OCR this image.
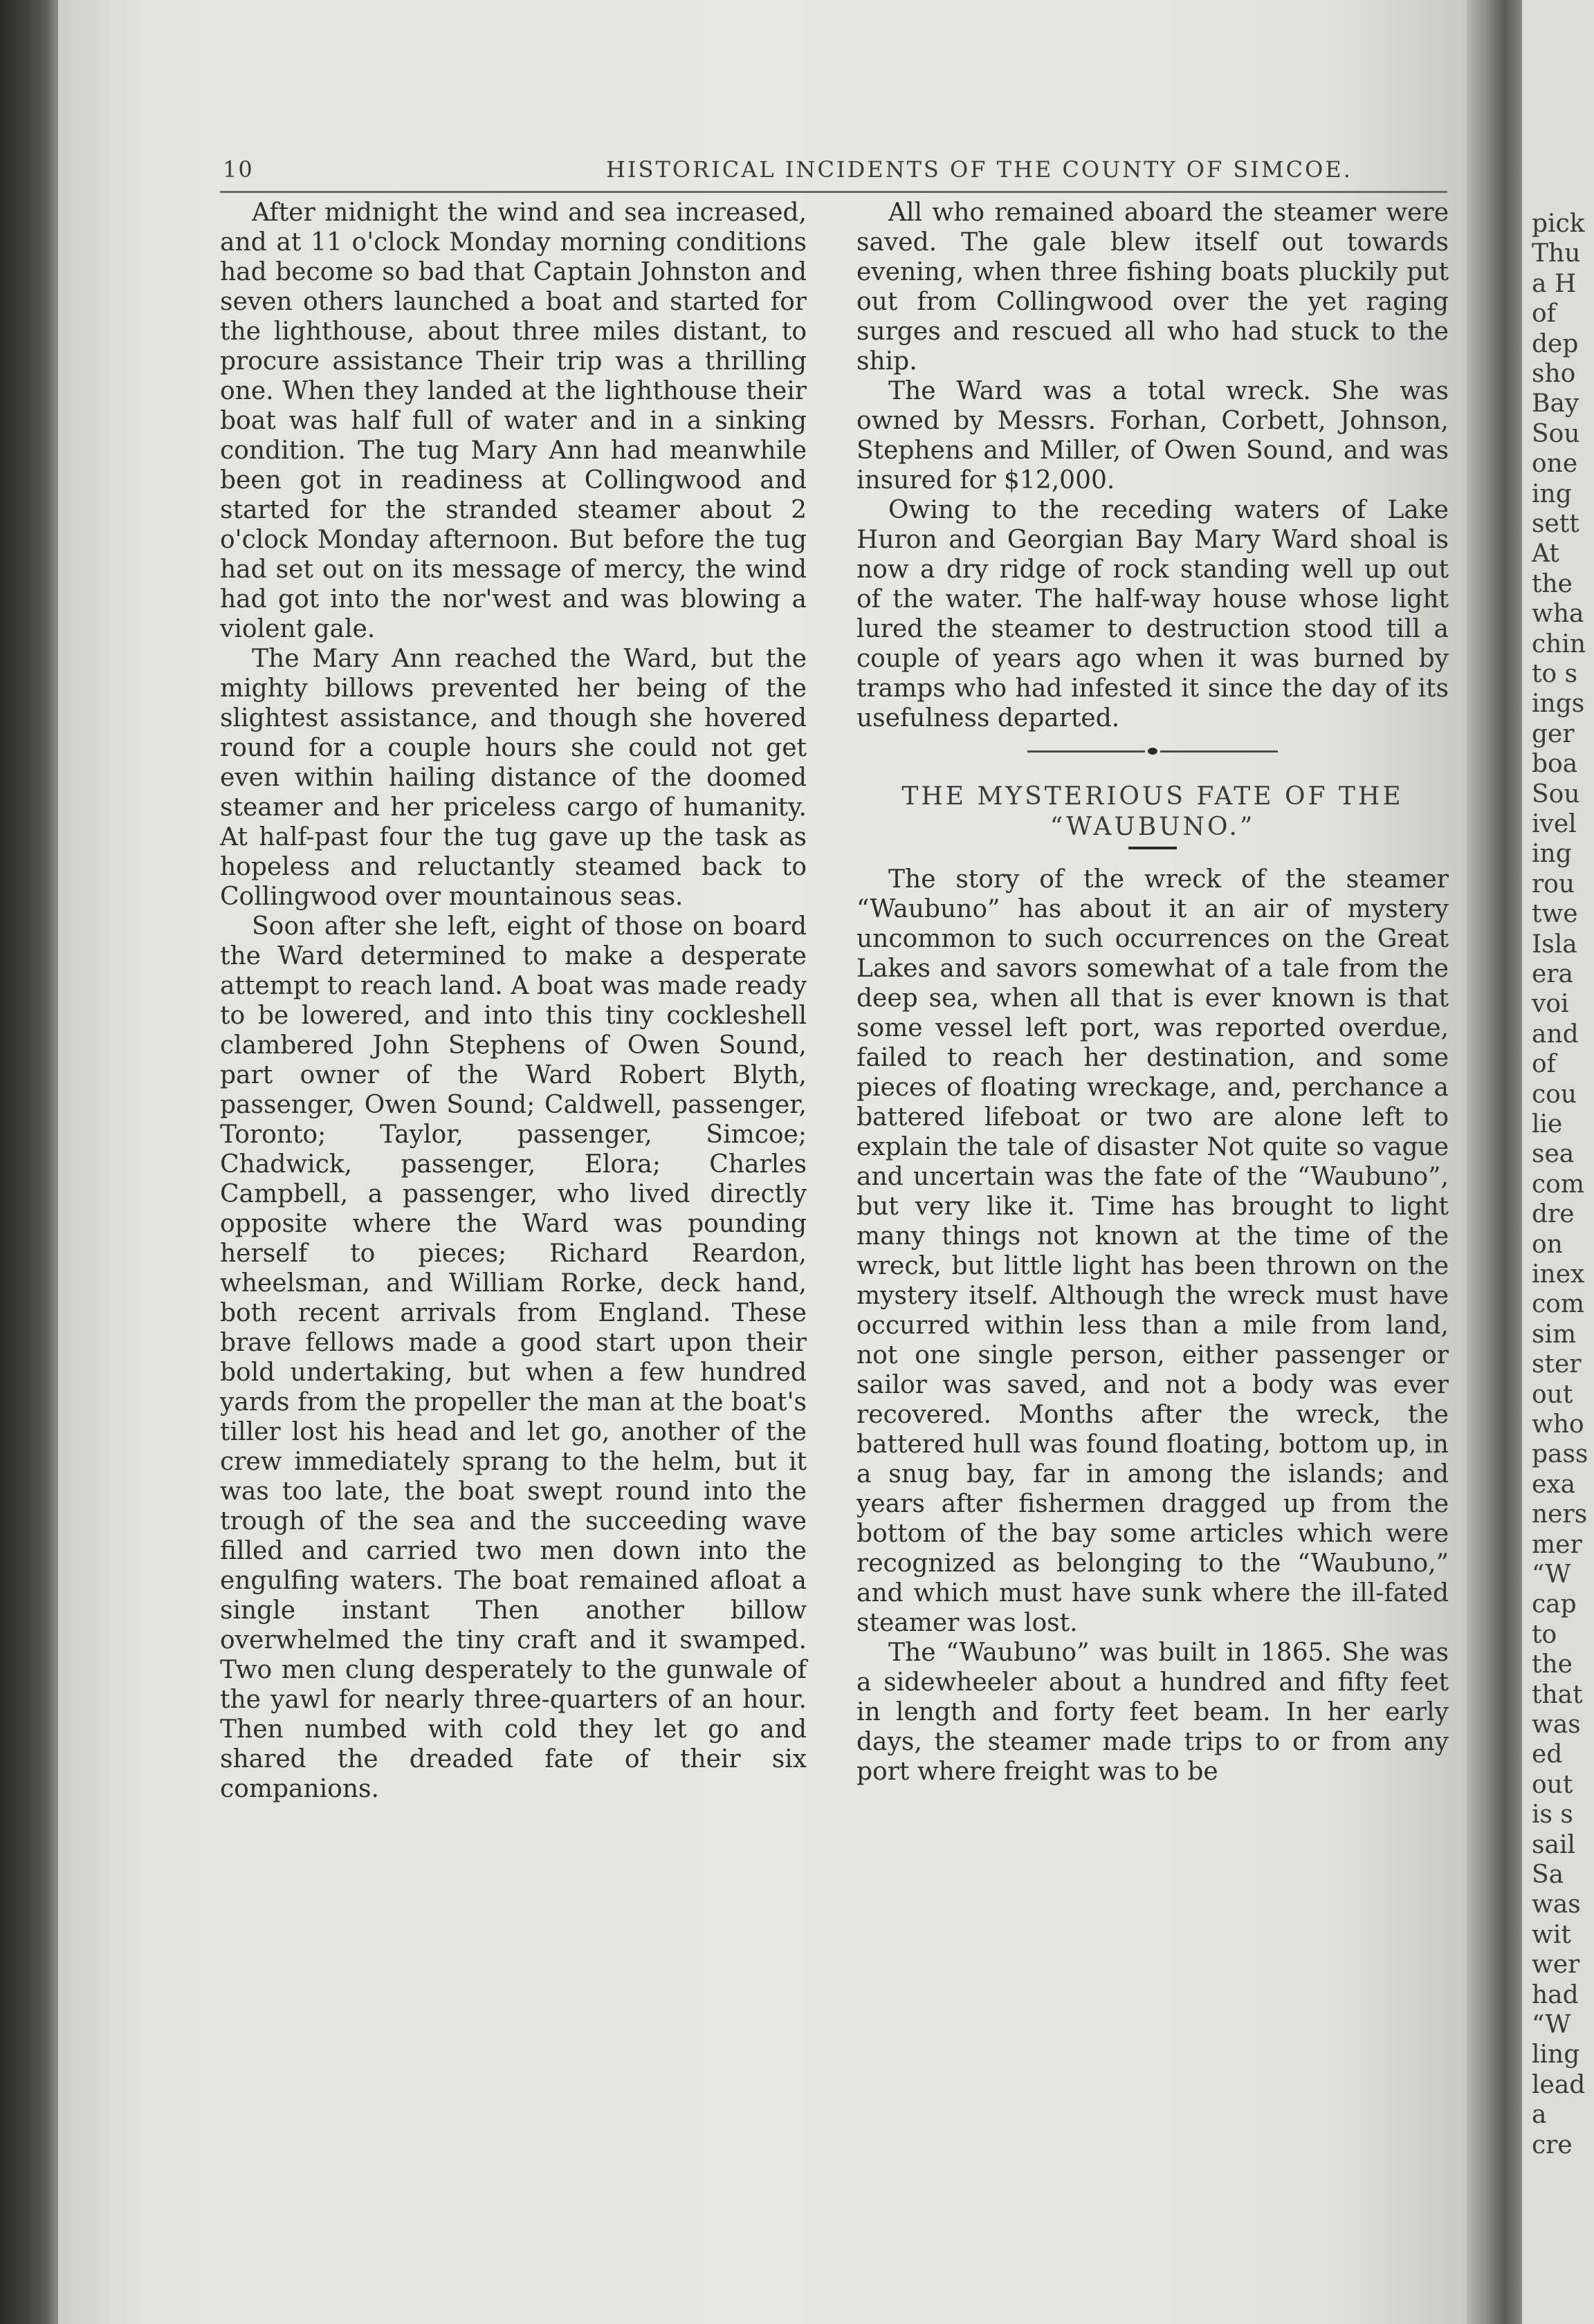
10	HISTORICAL INCIDENTS OF THE COUNTY OF SIMCOE.

After midnight the wind and sea increased, and at 11 o'clock Monday morning conditions had become so bad that Captain Johnston and seven others launched a boat and started for the lighthouse, about three miles distant, to procure assistance Their trip was a thrilling one. When they landed at the lighthouse their boat was half full of water and in a sinking condition. The tug Mary Ann had meanwhile been got in readiness at Collingwood and started for the stranded steamer about 2 o'clock Monday afternoon. But before the tug had set out on its message of mercy, the wind had got into the nor'west and was blowing a violent gale.

The Mary Ann reached the Ward, but the mighty billows prevented her being of the slightest assistance, and though she hovered round for a couple hours she could not get even within hailing distance of the doomed steamer and her priceless cargo of humanity. At half-past four the tug gave up the task as hopeless and reluctantly steamed back to Collingwood over mountainous seas.

Soon after she left, eight of those on board the Ward determined to make a desperate attempt to reach land. A boat was made ready to be lowered, and into this tiny cockleshell clambered John Stephens of Owen Sound, part owner of the Ward Robert Blyth, passenger, Owen Sound; Caldwell, passenger, Toronto; Taylor, passenger, Simcoe; Chadwick, passenger, Elora; Charles Campbell, a passenger, who lived directly opposite where the Ward was pounding herself to pieces; Richard Reardon, wheelsman, and William Rorke, deck hand, both recent arrivals from England. These brave fellows made a good start upon their bold undertaking, but when a few hundred yards from the propeller the man at the boat's tiller lost his head and let go, another of the crew immediately sprang to the helm, but it was too late, the boat swept round into the trough of the sea and the succeeding wave filled and carried two men down into the engulfing waters. The boat remained afloat a single instant Then another billow overwhelmed the tiny craft and it swamped. Two men clung desperately to the gunwale of the yawl for nearly three-quarters of an hour. Then numbed with cold they let go and shared the dreaded fate of their six companions.

All who remained aboard the steamer were saved. The gale blew itself out towards evening, when three fishing boats pluckily put out from Collingwood over the yet raging surges and rescued all who had stuck to the ship.

The Ward was a total wreck. She was owned by Messrs. Forhan, Corbett, Johnson, Stephens and Miller, of Owen Sound, and was insured for $12,000.

Owing to the receding waters of Lake Huron and Georgian Bay Mary Ward shoal is now a dry ridge of rock standing well up out of the water. The half-way house whose light lured the steamer to destruction stood till a couple of years ago when it was burned by tramps who had infested it since the day of its usefulness departed.

THE MYSTERIOUS FATE OF THE
“WAUBUNO.”

The story of the wreck of the steamer “Waubuno” has about it an air of mystery uncommon to such occurrences on the Great Lakes and savors somewhat of a tale from the deep sea, when all that is ever known is that some vessel left port, was reported overdue, failed to reach her destination, and some pieces of floating wreckage, and, perchance a battered lifeboat or two are alone left to explain the tale of disaster Not quite so vague and uncertain was the fate of the “Waubuno”, but very like it. Time has brought to light many things not known at the time of the wreck, but little light has been thrown on the mystery itself. Although the wreck must have occurred within less than a mile from land, not one single person, either passenger or sailor was saved, and not a body was ever recovered. Months after the wreck, the battered hull was found floating, bottom up, in a snug bay, far in among the islands; and years after fishermen dragged up from the bottom of the bay some articles which were recognized as belonging to the “Waubuno,” and which must have sunk where the ill-fated steamer was lost.

The “Waubuno” was built in 1865. She was a sidewheeler about a hundred and fifty feet in length and forty feet beam. In her early days, the steamer made trips to or from any port where freight was to be

pick
Thu
a H
of
dep
sho
Bay
Sou
one
ing
sett
At
the
wha
chin
to s
ings
ger
boa
Sou
ivel
ing
rou
twe
Isla
era
voi
and
of
cou
lie
sea
com
dre
on
inex
com
sim
ster
out
who
pass
exa
ners
mer
“W
cap
to
the
that
was
ed
out
is s
sail
Sa
was
wit
wer
had
“W
ling
lead
a
cre
